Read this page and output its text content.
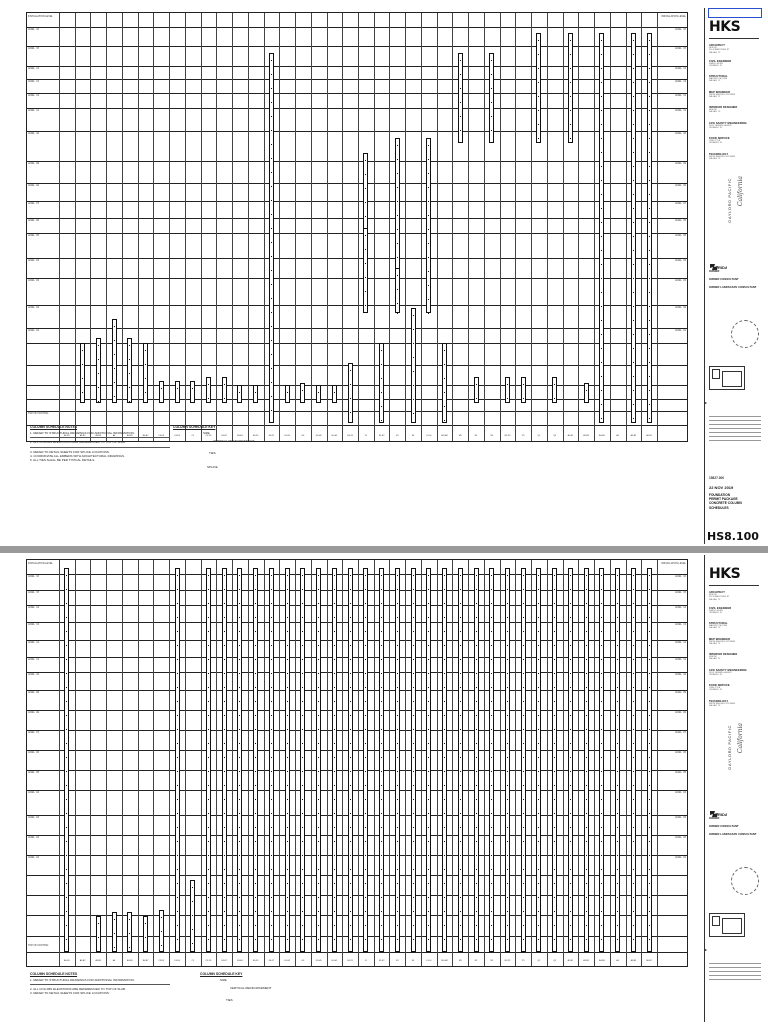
INSTALLATION LEVEL	INSTALLATION LEVEL
TOP OF FOOTING
LEVEL 16	LEVEL 16
LEVEL 15	LEVEL 15
LEVEL 14	LEVEL 14
LEVEL 13	LEVEL 13
LEVEL 12	LEVEL 12
LEVEL 11	LEVEL 11
LEVEL 10	LEVEL 10
LEVEL 09	LEVEL 09
LEVEL 08	LEVEL 08
LEVEL 07	LEVEL 07
LEVEL 06	LEVEL 06
LEVEL 05	LEVEL 05
LEVEL 04	LEVEL 04
LEVEL 03	LEVEL 03
LEVEL 02	LEVEL 02
LEVEL 01	LEVEL 01
A1-B1	A2-B2	A3-B3	A4	A5-B5	B6-B7	C3-D3	C4-D4	C5	C5-D5	D6-D7	E3-E4	E5-F5	F6-F7	G1-G2	G3	G5-H5	H1-H2	H3-J3	J5	K1-K2	K3	K4	L5-L6	M3-M4	M5	N1	N2	N3-P3	P5	Q1	Q3	A1-B1	A2-B2	A3-B3	A4	A5-B5	B6-B7
COLUMN SCHEDULE NOTES
1. REFER TO STRUCTURAL DRAWINGS FOR ADDITIONAL INFORMATION.
2. ALL COLUMN ELEVATIONS ARE REFERENCED TO TOP OF SLAB.
3. REFER TO DETAIL SHEETS FOR SPLICE LOCATIONS.
4. COORDINATE ALL EMBEDS WITH ARCHITECTURAL DRAWINGS.
5. ALL TIES SHALL BE PER TYPICAL DETAILS.
COLUMN SCHEDULE KEY
SIZE
VERTICAL REINFORCEMENT
TIES
SPLICE
HKS
ARCHITECT
HKS INC
350 N SAINT PAUL ST
DALLAS, TX
CIVIL ENGINEER
KIMLEY-HORN
ORLANDO, FL
STRUCTURAL
WALTER P MOORE
DALLAS, TX
MEP ENGINEER
SMITH SEECKEL SYSTEMS
DALLAS, TX
INTERIOR DESIGNER
HKS INC
DALLAS, TX
LIFE SAFETY ENGINEERING
ROLF JENSEN & ASSOC
ORLANDO, FL
FOOD SERVICE
CINI-LITTLE
ORLANDO, FL
TECHNOLOGY
SMITH SEECKEL SYSTEMS
DALLAS, TX
GAYLORD PACIFIC California
RIDA
OWNER

OWNER CONSULTANT

OWNER LANDSCAPE CONSULTANT
▸
15627.000
22 NOV 2019
FOUNDATION
PERMIT PACKAGE
CONCRETE COLUMN
SCHEDULES
HS8.100
INSTALLATION LEVEL	INSTALLATION LEVEL
TOP OF FOOTING
LEVEL 16	LEVEL 16
LEVEL 15	LEVEL 15
LEVEL 14	LEVEL 14
LEVEL 13	LEVEL 13
LEVEL 12	LEVEL 12
LEVEL 11	LEVEL 11
LEVEL 10	LEVEL 10
LEVEL 09	LEVEL 09
LEVEL 08	LEVEL 08
LEVEL 07	LEVEL 07
LEVEL 06	LEVEL 06
LEVEL 05	LEVEL 05
LEVEL 04	LEVEL 04
LEVEL 03	LEVEL 03
LEVEL 02	LEVEL 02
LEVEL 01	LEVEL 01
A1-B1	A2-B2	A3-B3	A4	A5-B5	B6-B7	C3-D3	C4-D4	C5	C5-D5	D6-D7	E3-E4	E5-F5	F6-F7	G1-G2	G3	G5-H5	H1-H2	H3-J3	J5	K1-K2	K3	K4	L5-L6	M3-M4	M5	N1	N2	N3-P3	P5	Q1	Q3	A1-B1	A2-B2	A3-B3	A4	A5-B5	B6-B7
COLUMN SCHEDULE NOTES
1. REFER TO STRUCTURAL DRAWINGS FOR ADDITIONAL INFORMATION.
2. ALL COLUMN ELEVATIONS ARE REFERENCED TO TOP OF SLAB.
3. REFER TO DETAIL SHEETS FOR SPLICE LOCATIONS.
COLUMN SCHEDULE KEY
SIZE
VERTICAL REINFORCEMENT
TIES
HKS
ARCHITECT
HKS INC
350 N SAINT PAUL ST
DALLAS, TX
CIVIL ENGINEER
KIMLEY-HORN
ORLANDO, FL
STRUCTURAL
WALTER P MOORE
DALLAS, TX
MEP ENGINEER
SMITH SEECKEL SYSTEMS
DALLAS, TX
INTERIOR DESIGNER
HKS INC
DALLAS, TX
LIFE SAFETY ENGINEERING
ROLF JENSEN & ASSOC
ORLANDO, FL
FOOD SERVICE
CINI-LITTLE
ORLANDO, FL
TECHNOLOGY
SMITH SEECKEL SYSTEMS
DALLAS, TX
GAYLORD PACIFIC California
RIDA
OWNER

OWNER CONSULTANT

OWNER LANDSCAPE CONSULTANT
▸
